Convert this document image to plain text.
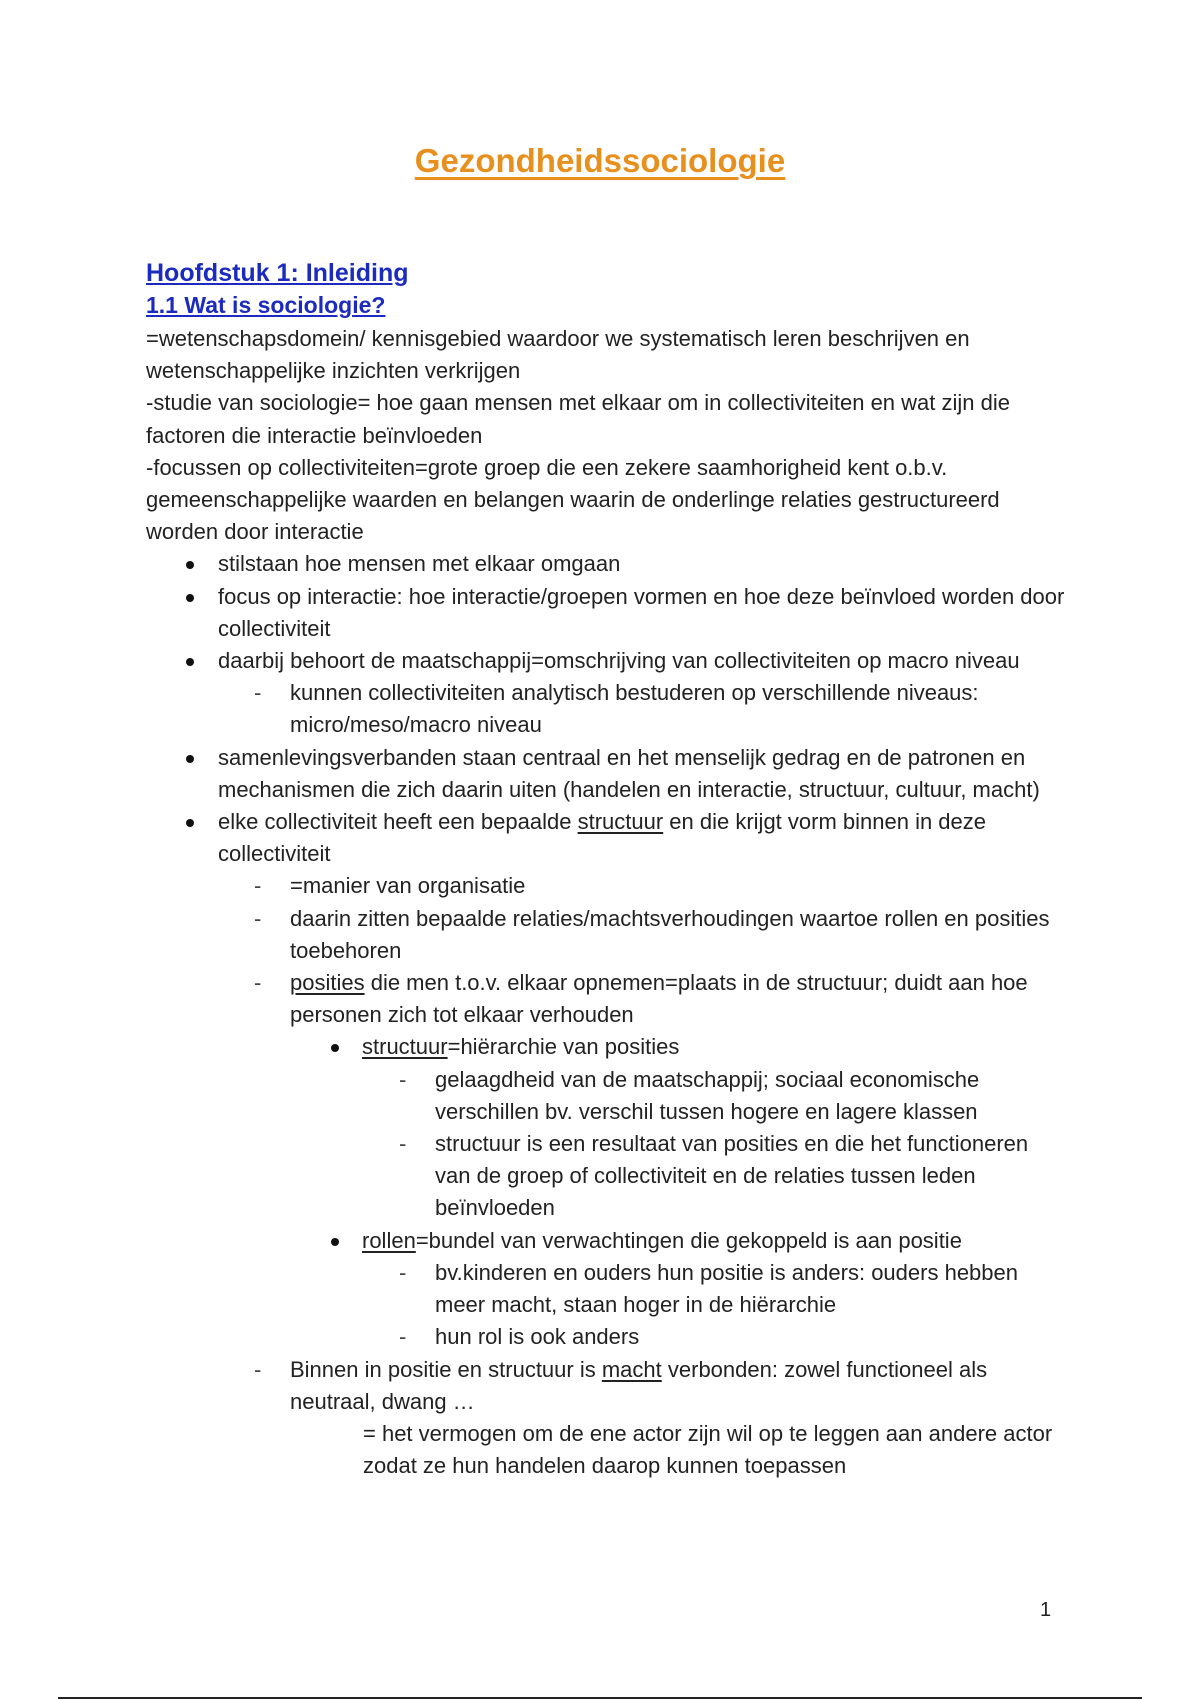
Gezondheidssociologie
Hoofdstuk 1: Inleiding
1.1 Wat is sociologie?

=wetenschapsdomein/ kennisgebied waardoor we systematisch leren beschrijven en wetenschappelijke inzichten verkrijgen

-studie van sociologie= hoe gaan mensen met elkaar om in collectiviteiten en wat zijn die factoren die interactie beïnvloeden

-focussen op collectiviteiten=grote groep die een zekere saamhorigheid kent o.b.v. gemeenschappelijke waarden en belangen waarin de onderlinge relaties gestructureerd worden door interactie

stilstaan hoe mensen met elkaar omgaan
focus op interactie: hoe interactie/groepen vormen en hoe deze beïnvloed worden door collectiviteit
daarbij behoort de maatschappij=omschrijving van collectiviteiten op macro niveau
- kunnen collectiviteiten analytisch bestuderen op verschillende niveaus: micro/meso/macro niveau
samenlevingsverbanden staan centraal en het menselijk gedrag en de patronen en mechanismen die zich daarin uiten (handelen en interactie, structuur, cultuur, macht)
elke collectiviteit heeft een bepaalde structuur en die krijgt vorm binnen in deze collectiviteit
- =manier van organisatie
- daarin zitten bepaalde relaties/machtsverhoudingen waartoe rollen en posities toebehoren
- posities die men t.o.v. elkaar opnemen=plaats in de structuur; duidt aan hoe personen zich tot elkaar verhouden
structuur=hiërarchie van posities
- gelaagdheid van de maatschappij; sociaal economische verschillen bv. verschil tussen hogere en lagere klassen
- structuur is een resultaat van posities en die het functioneren van de groep of collectiviteit en de relaties tussen leden beïnvloeden
rollen=bundel van verwachtingen die gekoppeld is aan positie
- bv.kinderen en ouders hun positie is anders: ouders hebben meer macht, staan hoger in de hiërarchie
- hun rol is ook anders
- Binnen in positie en structuur is macht verbonden: zowel functioneel als neutraal, dwang …

= het vermogen om de ene actor zijn wil op te leggen aan andere actor zodat ze hun handelen daarop kunnen toepassen

1
